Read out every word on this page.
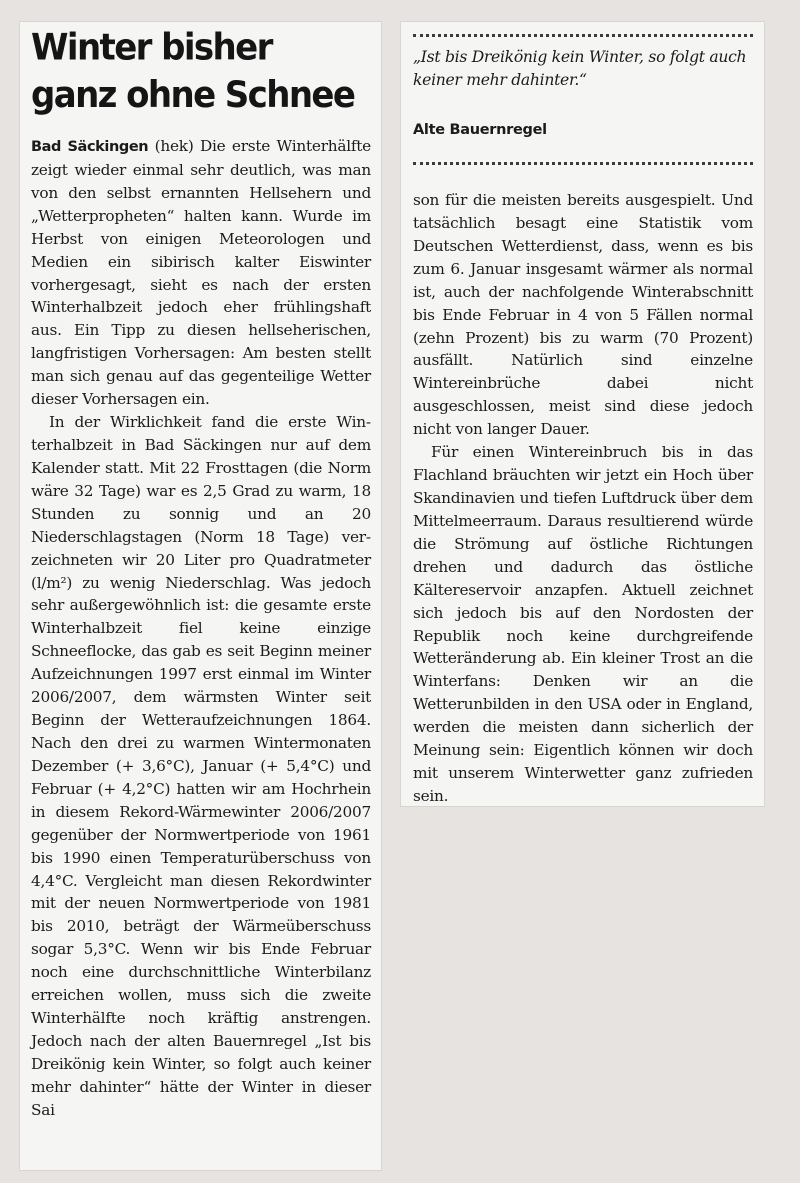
Winter bisher
ganz ohne Schnee

Bad Säckingen (hek) Die erste Winterhälfte zeigt wieder einmal sehr deutlich, was man von den selbst ernannten Hellsehern und „Wetterpropheten“ halten kann. Wurde im Herbst von einigen Meteorologen und Medien ein sibirisch kalter Eiswinter vorhergesagt, sieht es nach der ersten Winterhalbzeit jedoch eher frühlingshaft aus. Ein Tipp zu diesen hellseherischen, langfristigen Vorhersagen: Am besten stellt man sich genau auf das gegenteilige Wetter dieser Vorhersagen ein.

In der Wirklichkeit fand die erste Winterhalbzeit in Bad Säckingen nur auf dem Kalender statt. Mit 22 Frosttagen (die Norm wäre 32 Tage) war es 2,5 Grad zu warm, 18 Stunden zu sonnig und an 20 Niederschlagstagen (Norm 18 Tage) verzeichneten wir 20 Liter pro Quadratmeter (l/m²) zu wenig Niederschlag. Was jedoch sehr außergewöhnlich ist: die gesamte erste Winterhalbzeit fiel keine einzige Schneeflocke, das gab es seit Beginn meiner Aufzeichnungen 1997 erst einmal im Winter 2006/2007, dem wärmsten Winter seit Beginn der Wetteraufzeichnungen 1864. Nach den drei zu warmen Wintermonaten Dezember (+ 3,6°C), Januar (+ 5,4°C) und Februar (+ 4,2°C) hatten wir am Hochrhein in diesem Rekord-Wärmewinter 2006/2007 gegenüber der Normwertperiode von 1961 bis 1990 einen Temperaturüberschuss von 4,4°C. Vergleicht man diesen Rekordwinter mit der neuen Normwertperiode von 1981 bis 2010, beträgt der Wärmeüberschuss sogar 5,3°C. Wenn wir bis Ende Februar noch eine durchschnittliche Winterbilanz erreichen wollen, muss sich die zweite Winterhälfte noch kräftig anstrengen. Jedoch nach der alten Bauernregel „Ist bis Dreikönig kein Winter, so folgt auch keiner mehr dahinter“ hätte der Winter in dieser Sai

„Ist bis Dreikönig kein Winter, so folgt auch keiner mehr dahinter.“

Alte Bauernregel

son für die meisten bereits ausgespielt. Und tatsächlich besagt eine Statistik vom Deutschen Wetterdienst, dass, wenn es bis zum 6. Januar insgesamt wärmer als normal ist, auch der nachfolgende Winterabschnitt bis Ende Februar in 4 von 5 Fällen normal (zehn Prozent) bis zu warm (70 Prozent) ausfällt. Natürlich sind einzelne Wintereinbrüche dabei nicht ausgeschlossen, meist sind diese jedoch nicht von langer Dauer.

Für einen Wintereinbruch bis in das Flachland bräuchten wir jetzt ein Hoch über Skandinavien und tiefen Luftdruck über dem Mittelmeerraum. Daraus resultierend würde die Strömung auf östliche Richtungen drehen und dadurch das östliche Kältereservoir anzapfen. Aktuell zeichnet sich jedoch bis auf den Nordosten der Republik noch keine durchgreifende Wetteränderung ab. Ein kleiner Trost an die Winterfans: Denken wir an die Wetterunbilden in den USA oder in England, werden die meisten dann sicherlich der Meinung sein: Eigentlich können wir doch mit unserem Winterwetter ganz zufrieden sein.
